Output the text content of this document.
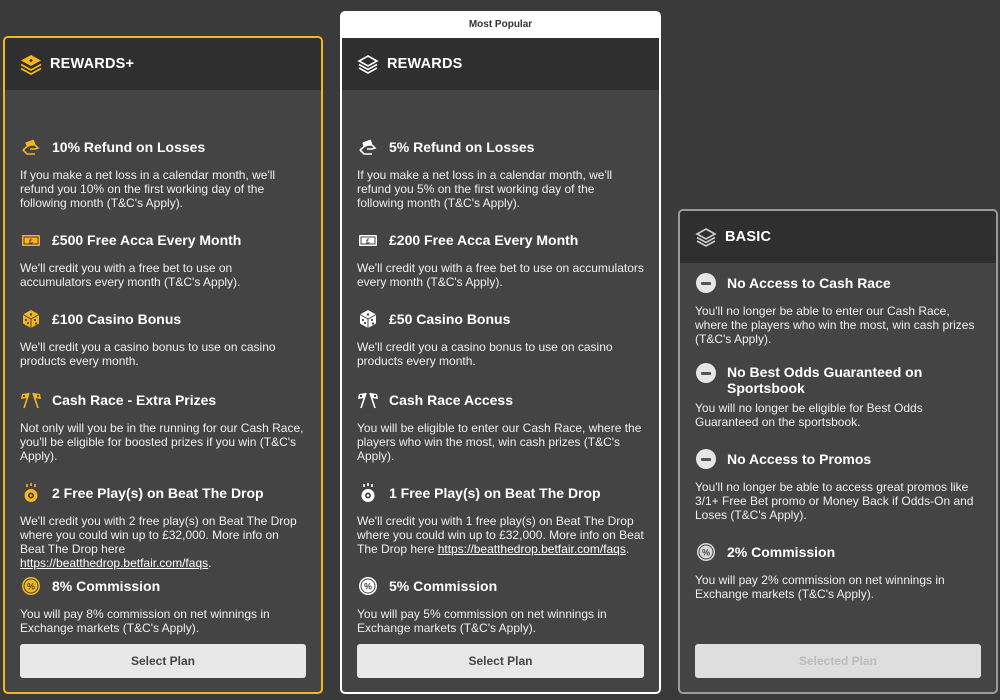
REWARDS+
10% Refund on Losses
If you make a net loss in a calendar month, we'll refund you 10% on the first working day of the following month (T&C's Apply).
£ £500 Free Acca Every Month
We'll credit you with a free bet to use on accumulators every month (T&C's Apply).
£100 Casino Bonus
We'll credit you a casino bonus to use on casino products every month.
Cash Race - Extra Prizes
Not only will you be in the running for our Cash Race, you'll be eligible for boosted prizes if you win (T&C's Apply).
2 Free Play(s) on Beat The Drop
We'll credit you with 2 free play(s) on Beat The Drop where you could win up to £32,000. More info on Beat The Drop here https://beatthedrop.betfair.com/faqs.
% 8% Commission
You will pay 8% commission on net winnings in Exchange markets (T&C's Apply).
Select Plan
Most Popular
REWARDS
5% Refund on Losses
If you make a net loss in a calendar month, we'll refund you 5% on the first working day of the following month (T&C's Apply).
£ £200 Free Acca Every Month
We'll credit you with a free bet to use on accumulators every month (T&C's Apply).
£50 Casino Bonus
We'll credit you a casino bonus to use on casino products every month.
Cash Race Access
You will be eligible to enter our Cash Race, where the players who win the most, win cash prizes (T&C's Apply).
1 Free Play(s) on Beat The Drop
We'll credit you with 1 free play(s) on Beat The Drop where you could win up to £32,000. More info on Beat The Drop here https://beatthedrop.betfair.com/faqs.
% 5% Commission
You will pay 5% commission on net winnings in Exchange markets (T&C's Apply).
Select Plan
BASIC
No Access to Cash Race
You'll no longer be able to enter our Cash Race, where the players who win the most, win cash prizes (T&C's Apply).
No Best Odds Guaranteed on Sportsbook
You will no longer be eligible for Best Odds Guaranteed on the sportsbook.
No Access to Promos
You'll no longer be able to access great promos like 3/1+ Free Bet promo or Money Back if Odds-On and Loses (T&C's Apply).
% 2% Commission
You will pay 2% commission on net winnings in Exchange markets (T&C's Apply).
Selected Plan
